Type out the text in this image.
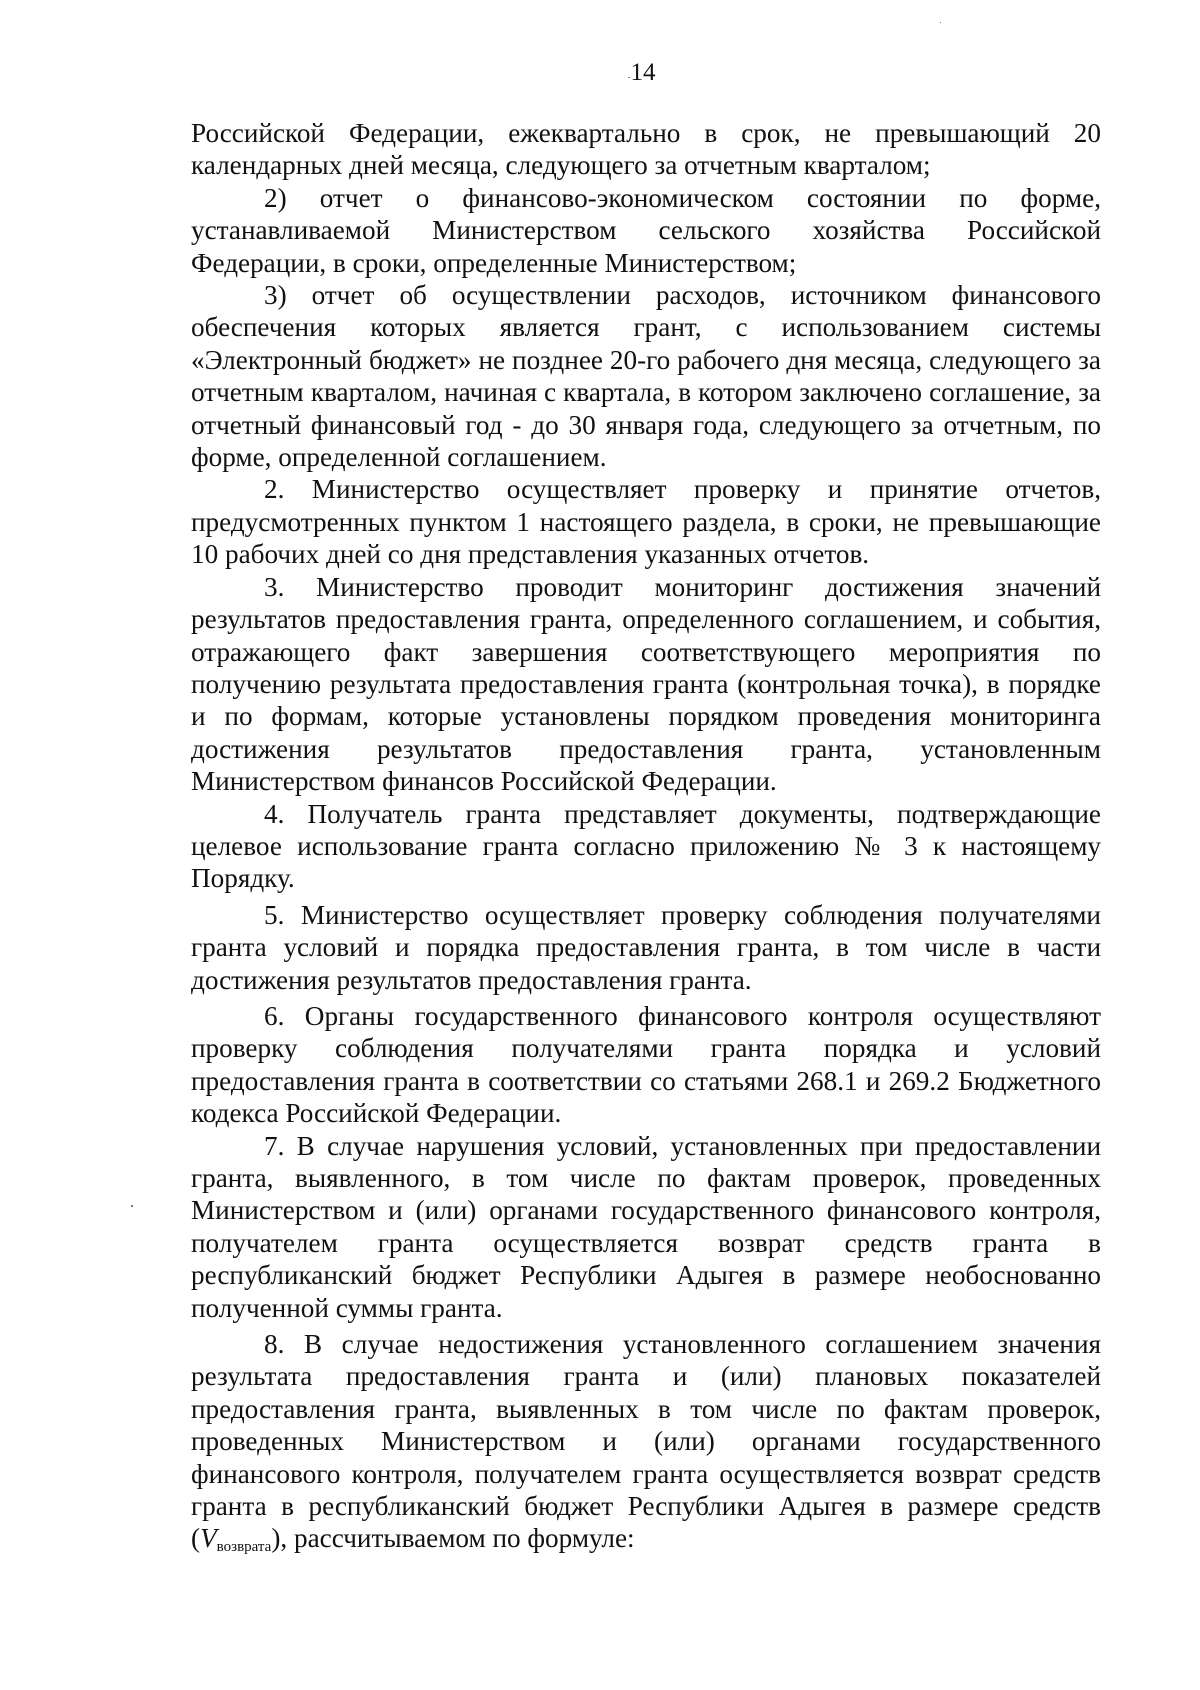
14

Российской Федерации, ежеквартально в срок, не превышающий 20 календарных дней месяца, следующего за отчетным кварталом;

2) отчет о финансово-экономическом состоянии по форме, устанавливаемой Министерством сельского хозяйства Российской Федерации, в сроки, определенные Министерством;

3) отчет об осуществлении расходов, источником финансового обеспечения которых является грант, с использованием системы «Электронный бюджет» не позднее 20-го рабочего дня месяца, следующего за отчетным кварталом, начиная с квартала, в котором заключено соглашение, за отчетный финансовый год - до 30 января года, следующего за отчетным, по форме, определенной соглашением.

2. Министерство осуществляет проверку и принятие отчетов, предусмотренных пунктом 1 настоящего раздела, в сроки, не превышающие 10 рабочих дней со дня представления указанных отчетов.

3. Министерство проводит мониторинг достижения значений результатов предоставления гранта, определенного соглашением, и события, отражающего факт завершения соответствующего мероприятия по получению результата предоставления гранта (контрольная точка), в порядке и по формам, которые установлены порядком проведения мониторинга достижения результатов предоставления гранта, установленным Министерством финансов Российской Федерации.

4. Получатель гранта представляет документы, подтверждающие целевое использование гранта согласно приложению № 3 к настоящему Порядку.

5. Министерство осуществляет проверку соблюдения получателями гранта условий и порядка предоставления гранта, в том числе в части достижения результатов предоставления гранта.

6. Органы государственного финансового контроля осуществляют проверку соблюдения получателями гранта порядка и условий предоставления гранта в соответствии со статьями 268.1 и 269.2 Бюджетного кодекса Российской Федерации.

7. В случае нарушения условий, установленных при предоставлении гранта, выявленного, в том числе по фактам проверок, проведенных Министерством и (или) органами государственного финансового контроля, получателем гранта осуществляется возврат средств гранта в республиканский бюджет Республики Адыгея в размере необоснованно полученной суммы гранта.

8. В случае недостижения установленного соглашением значения результата предоставления гранта и (или) плановых показателей предоставления гранта, выявленных в том числе по фактам проверок, проведенных Министерством и (или) органами государственного финансового контроля, получателем гранта осуществляется возврат средств гранта в республиканский бюджет Республики Адыгея в размере средств $(V_{возврата})$, рассчитываемом по формуле:
